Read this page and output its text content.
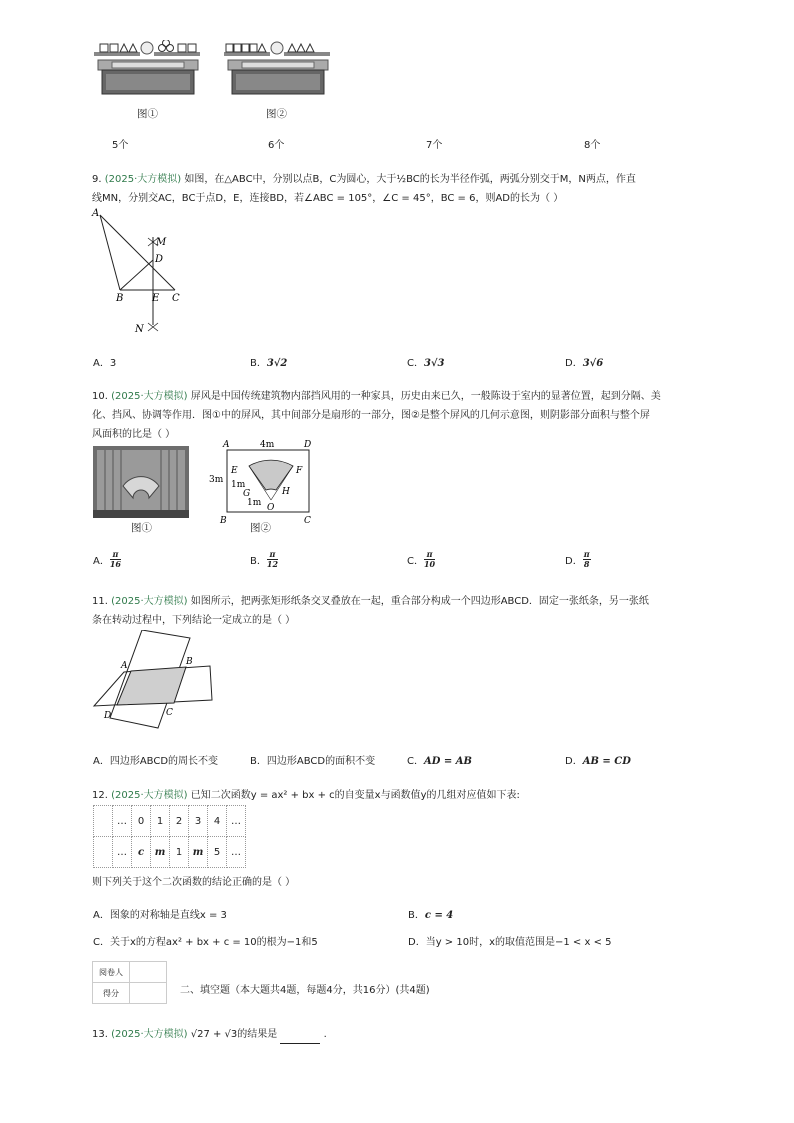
图①	图②
5个	6个	7个	8个
9. (2025·大方模拟) 如图，在△ABC中，分别以点B，C为圆心，大于½BC的长为半径作弧，两弧分别交于M，N两点，作直
线MN，分别交AC，BC于点D，E，连接BD，若∠ABC = 105°，∠C = 45°，BC = 6，则AD的长为（ ）
A
M
D
B	E C
N
A．3	B．3√2	C．3√3	D．3√6
10. (2025·大方模拟) 屏风是中国传统建筑物内部挡风用的一种家具，历史由来已久，一般陈设于室内的显著位置，起到分隔、美
化、挡风、协调等作用．图①中的屏风，其中间部分是扇形的一部分，图②是整个屏风的几何示意图，则阴影部分面积与整个屏
风面积的比是（ ）
图①
A	4m	D
3m
E	F
1m
G	H
1m O
B	C
图②
A． $\frac{\pi}{16}$	B． $\frac{\pi}{12}$	C． $\frac{\pi}{10}$	D． $\frac{\pi}{8}$
11. (2025·大方模拟) 如图所示，把两张矩形纸条交叉叠放在一起，重合部分构成一个四边形ABCD．固定一张纸条，另一张纸
条在转动过程中，下列结论一定成立的是（ ）
A	B
D	C
A．四边形ABCD的周长不变	B．四边形ABCD的面积不变	C．AD = AB	D．AB = CD
12. (2025·大方模拟) 已知二次函数y = ax² + bx + c的自变量x与函数值y的几组对应值如下表:
	…	0	1	2	3	4	…
	…	c	m	1	m	5	…
则下列关于这个二次函数的结论正确的是（ ）
A．图象的对称轴是直线x = 3	B．c = 4
C．关于x的方程ax² + bx + c = 10的根为−1和5	D．当y > 10时，x的取值范围是−1 < x < 5
阅卷人	
得分		二、填空题（本大题共4题，每题4分，共16分）(共4题)
13. (2025·大方模拟) √27 + √3的结果是	.
